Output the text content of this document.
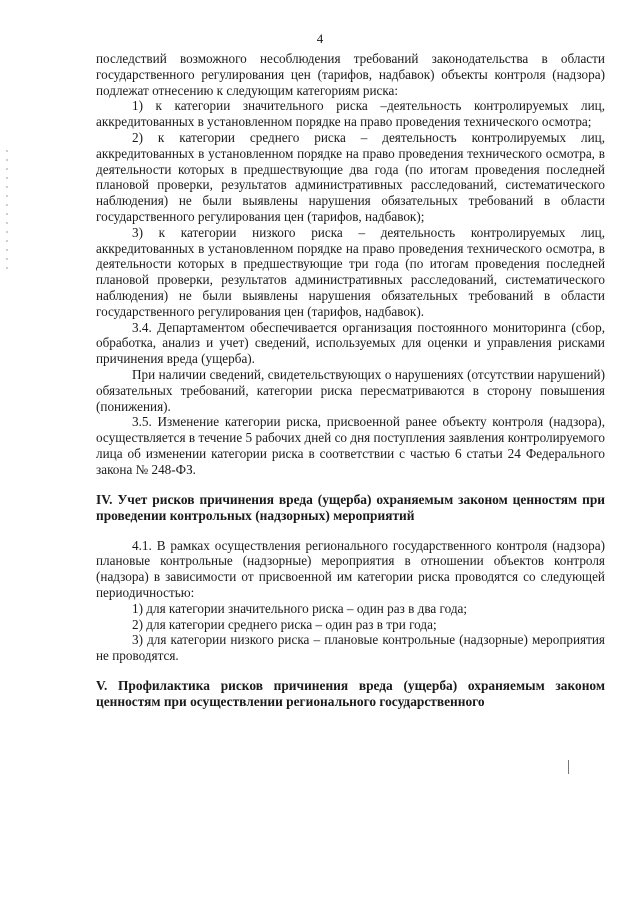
4

последствий возможного несоблюдения требований законодательства в области государственного регулирования цен (тарифов, надбавок) объекты контроля (надзора) подлежат отнесению к следующим категориям риска:

1) к категории значительного риска –деятельность контролируемых лиц, аккредитованных в установленном порядке на право проведения технического осмотра;

2) к категории среднего риска – деятельность контролируемых лиц, аккредитованных в установленном порядке на право проведения технического осмотра, в деятельности которых в предшествующие два года (по итогам проведения последней плановой проверки, результатов административных расследований, систематического наблюдения) не были выявлены нарушения обязательных требований в области государственного регулирования цен (тарифов, надбавок);

3) к категории низкого риска – деятельность контролируемых лиц, аккредитованных в установленном порядке на право проведения технического осмотра, в деятельности которых в предшествующие три года (по итогам проведения последней плановой проверки, результатов административных расследований, систематического наблюдения) не были выявлены нарушения обязательных требований в области государственного регулирования цен (тарифов, надбавок).

3.4. Департаментом обеспечивается организация постоянного мониторинга (сбор, обработка, анализ и учет) сведений, используемых для оценки и управления рисками причинения вреда (ущерба).

При наличии сведений, свидетельствующих о нарушениях (отсутствии нарушений) обязательных требований, категории риска пересматриваются в сторону повышения (понижения).

3.5. Изменение категории риска, присвоенной ранее объекту контроля (надзора), осуществляется в течение 5 рабочих дней со дня поступления заявления контролируемого лица об изменении категории риска в соответствии с частью 6 статьи 24 Федерального закона № 248-ФЗ.

IV. Учет рисков причинения вреда (ущерба) охраняемым законом ценностям при проведении контрольных (надзорных) мероприятий

4.1. В рамках осуществления регионального государственного контроля (надзора) плановые контрольные (надзорные) мероприятия в отношении объектов контроля (надзора) в зависимости от присвоенной им категории риска проводятся со следующей периодичностью:

1) для категории значительного риска – один раз в два года;

2) для категории среднего риска – один раз в три года;

3) для категории низкого риска – плановые контрольные (надзорные) мероприятия не проводятся.

V. Профилактика рисков причинения вреда (ущерба) охраняемым законом ценностям при осуществлении регионального государственного
